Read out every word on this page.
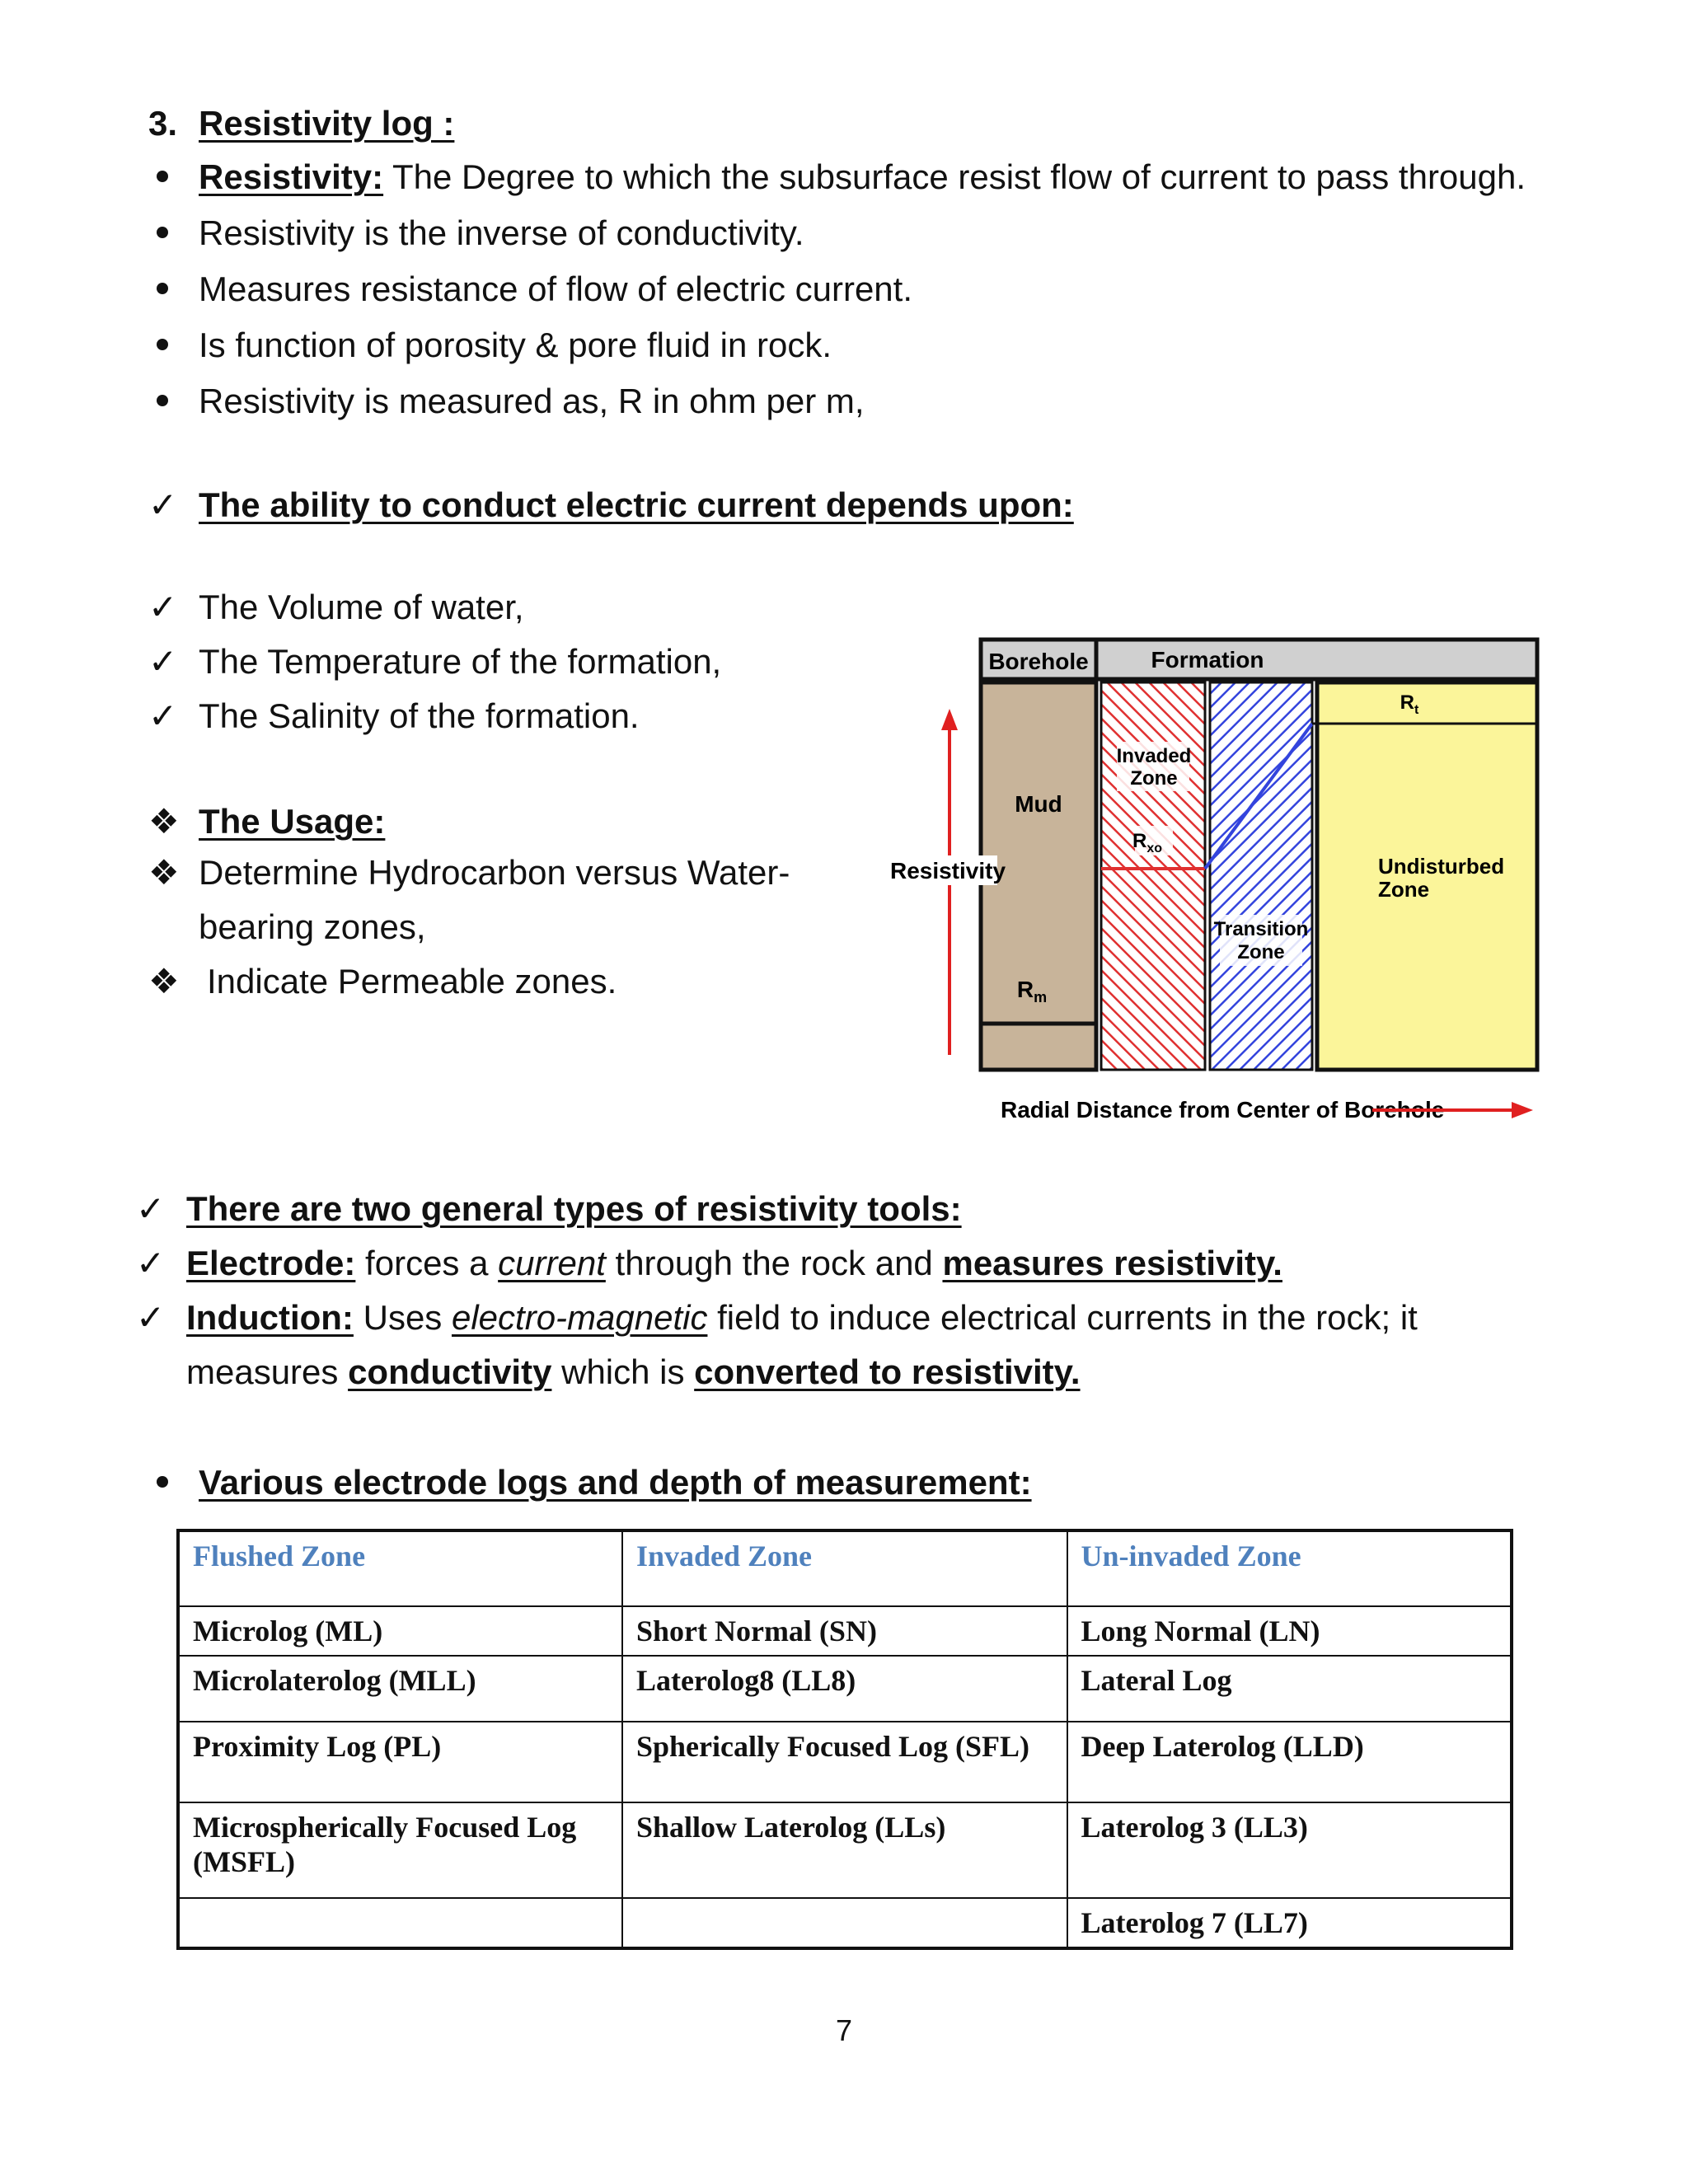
3. Resistivity log :
Resistivity: The Degree to which the subsurface resist flow of current to pass through.
Resistivity is the inverse of conductivity.
Measures resistance of flow of electric current.
Is function of porosity & pore fluid in rock.
Resistivity is measured as, R in ohm per m,
✓ The ability to conduct electric current depends upon:
✓ The Volume of water,
✓ The Temperature of the formation,
✓ The Salinity of the formation.
❖ The Usage:
❖ Determine Hydrocarbon versus Water-
bearing zones,
❖ Indicate Permeable zones.
Borehole	Formation
Mud
$R_m$
Invaded
Zone
$R_{xo}$
Transition
Zone
$R_t$
Undisturbed
Zone
Resistivity
Radial Distance from Center of Borehole
✓ There are two general types of resistivity tools:
✓ Electrode: forces a current through the rock and measures resistivity.
✓ Induction: Uses electro-magnetic field to induce electrical currents in the rock; it
measures conductivity which is converted to resistivity.
Various electrode logs and depth of measurement:
Flushed Zone	Invaded Zone	Un-invaded Zone
Microlog (ML)	Short Normal (SN)	Long Normal (LN)
Microlaterolog (MLL)	Laterolog8 (LL8)	Lateral Log
Proximity Log (PL)	Spherically Focused Log (SFL)	Deep Laterolog (LLD)
Microspherically Focused Log (MSFL)	Shallow Laterolog (LLs)	Laterolog 3 (LL3)
		Laterolog 7 (LL7)
7
